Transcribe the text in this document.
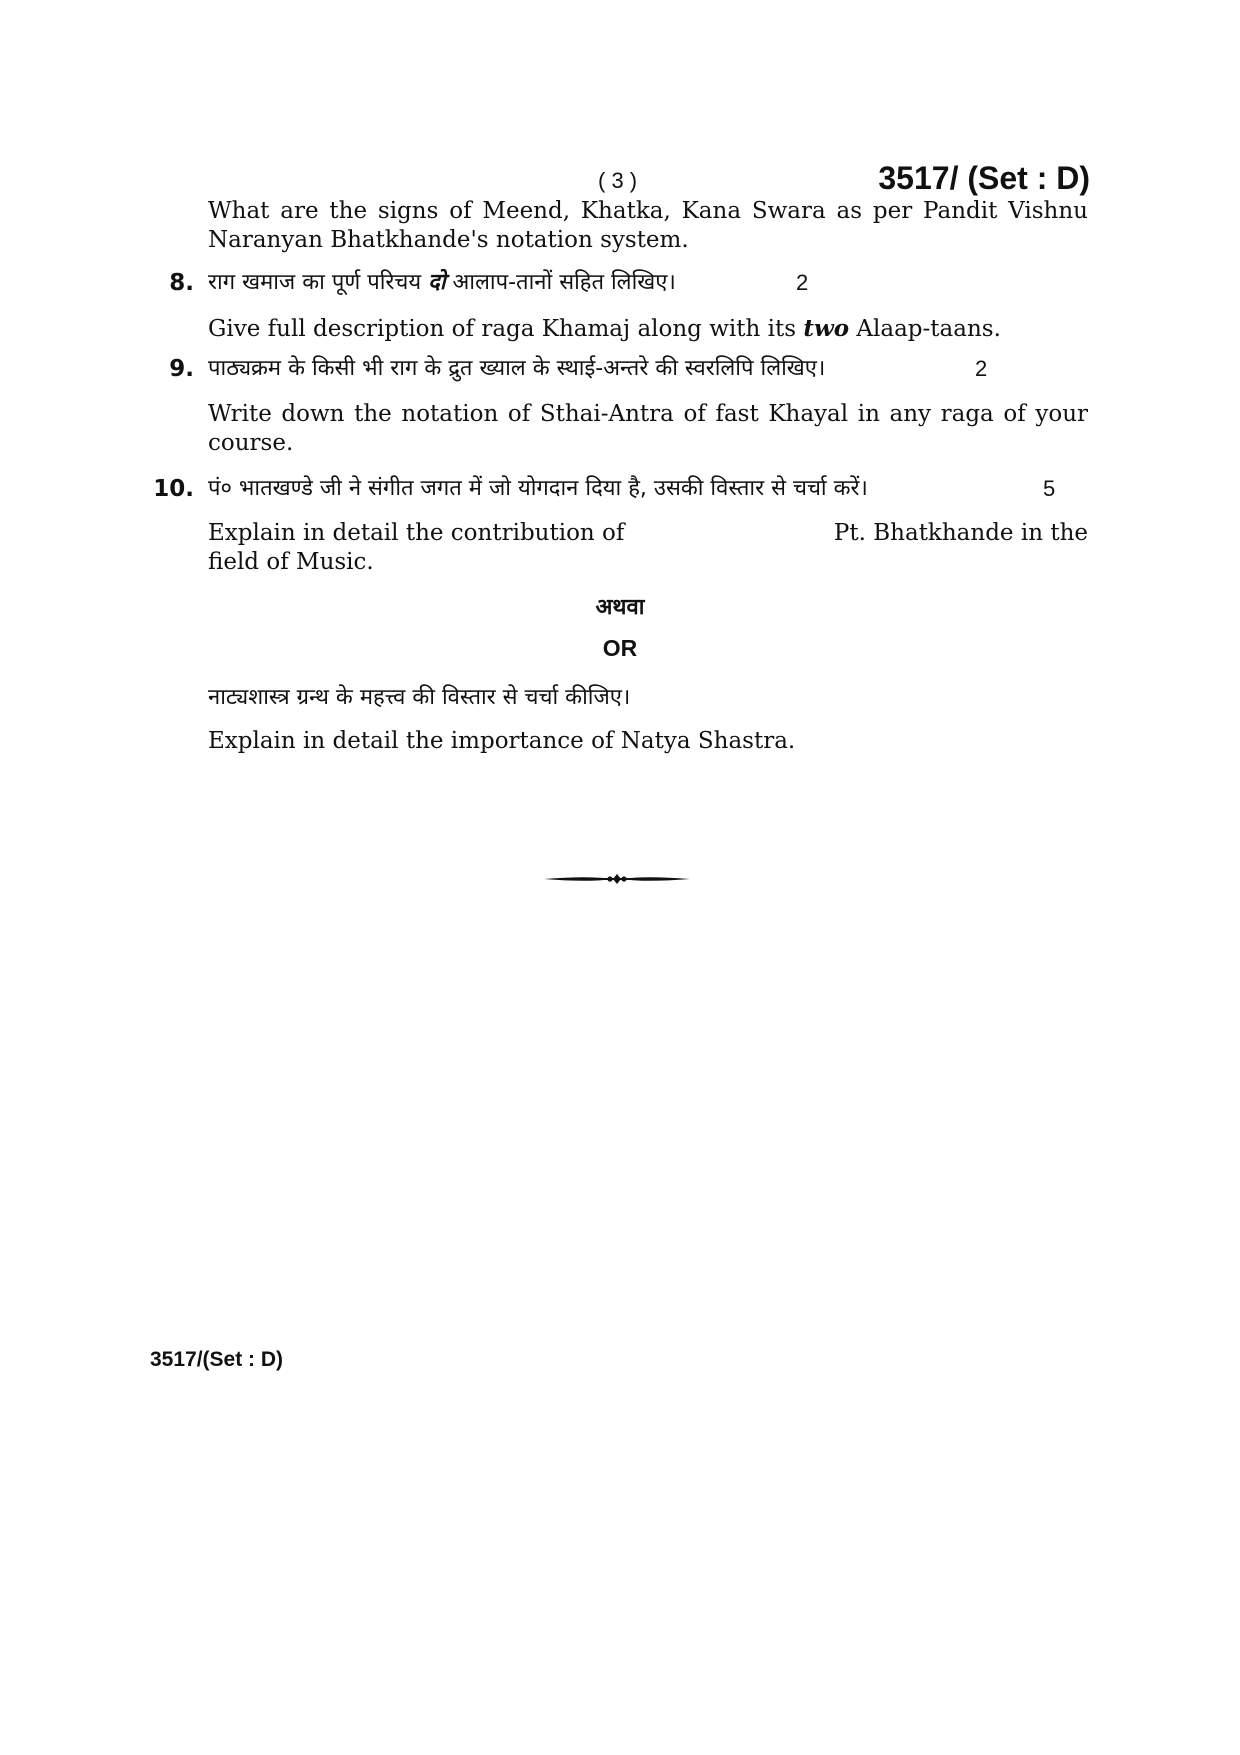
( 3 )	3517/ (Set : D)
What are the signs of Meend, Khatka, Kana Swara as per Pandit Vishnu Naranyan Bhatkhande's notation system.
8. राग खमाज का पूर्ण परिचय दो आलाप-तानों सहित लिखिए।	2
Give full description of raga Khamaj along with its two Alaap-taans.
9. पाठ्यक्रम के किसी भी राग के द्रुत ख्याल के स्थाई-अन्तरे की स्वरलिपि लिखिए।	2
Write down the notation of Sthai-Antra of fast Khayal in any raga of your course.
10. पं० भातखण्डे जी ने संगीत जगत में जो योगदान दिया है, उसकी विस्तार से चर्चा करें।	5
Explain in detail the contribution of	Pt. Bhatkhande in the
field of Music.
अथवा
OR
नाट्यशास्त्र ग्रन्थ के महत्त्व की विस्तार से चर्चा कीजिए।
Explain in detail the importance of Natya Shastra.
3517/(Set : D)
